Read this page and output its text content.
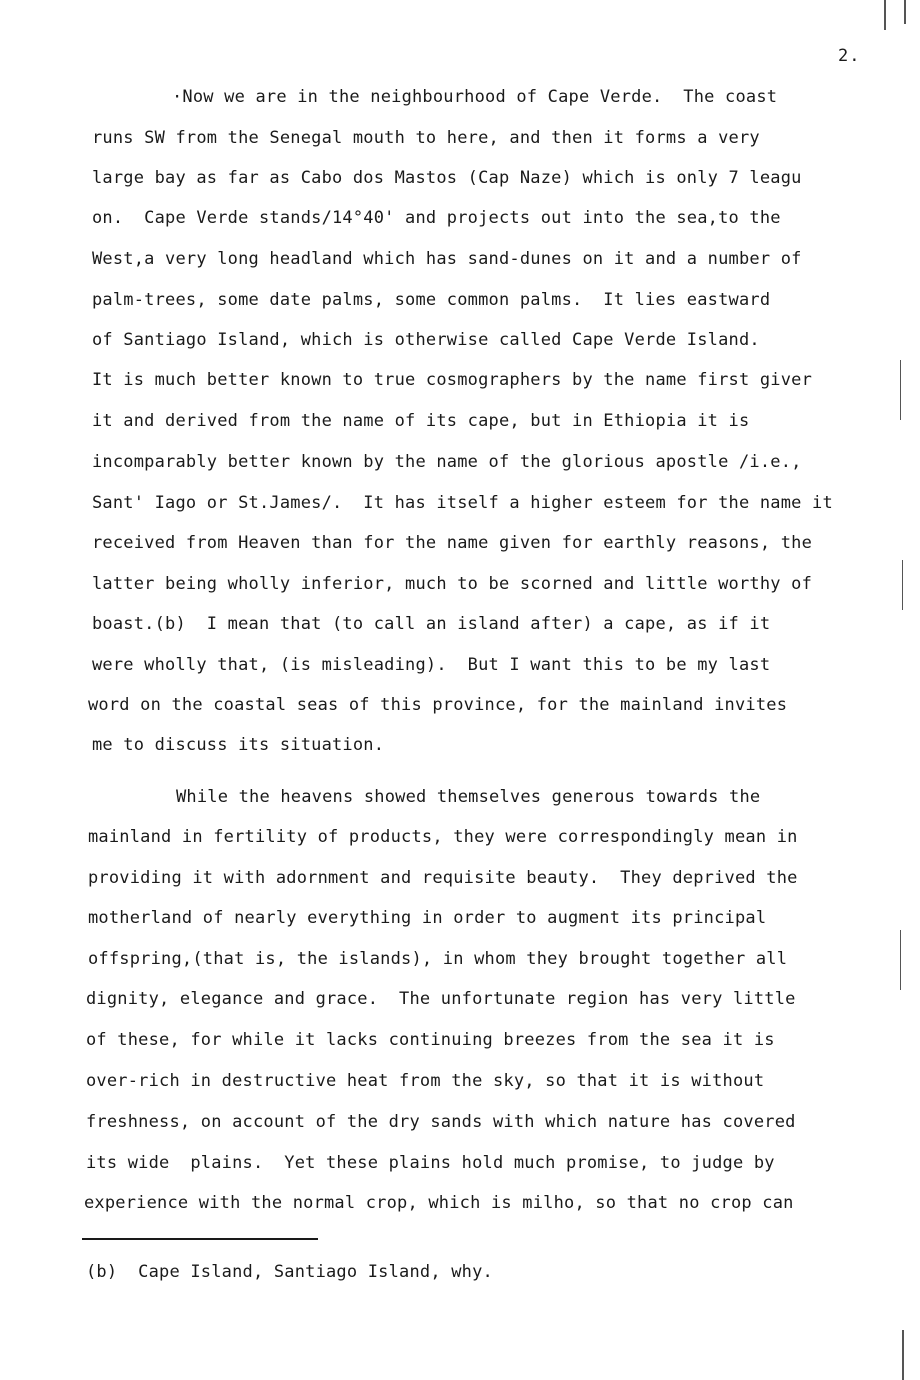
2.
·Now we are in the neighbourhood of Cape Verde.  The coast
runs SW from the Senegal mouth to here, and then it forms a very
large bay as far as Cabo dos Mastos (Cap Naze) which is only 7 leagu
on.  Cape Verde stands/14°40' and projects out into the sea,to the
West,a very long headland which has sand-dunes on it and a number of
palm-trees, some date palms, some common palms.  It lies eastward
of Santiago Island, which is otherwise called Cape Verde Island.
It is much better known to true cosmographers by the name first giver
it and derived from the name of its cape, but in Ethiopia it is
incomparably better known by the name of the glorious apostle /i.e.,
Sant' Iago or St.James/.  It has itself a higher esteem for the name it
received from Heaven than for the name given for earthly reasons, the
latter being wholly inferior, much to be scorned and little worthy of
boast.(b)  I mean that (to call an island after) a cape, as if it
were wholly that, (is misleading).  But I want this to be my last
word on the coastal seas of this province, for the mainland invites
me to discuss its situation.
While the heavens showed themselves generous towards the
mainland in fertility of products, they were correspondingly mean in
providing it with adornment and requisite beauty.  They deprived the
motherland of nearly everything in order to augment its principal
offspring,(that is, the islands), in whom they brought together all
dignity, elegance and grace.  The unfortunate region has very little
of these, for while it lacks continuing breezes from the sea it is
over-rich in destructive heat from the sky, so that it is without
freshness, on account of the dry sands with which nature has covered
its wide  plains.  Yet these plains hold much promise, to judge by
experience with the normal crop, which is milho, so that no crop can
(b)  Cape Island, Santiago Island, why.
